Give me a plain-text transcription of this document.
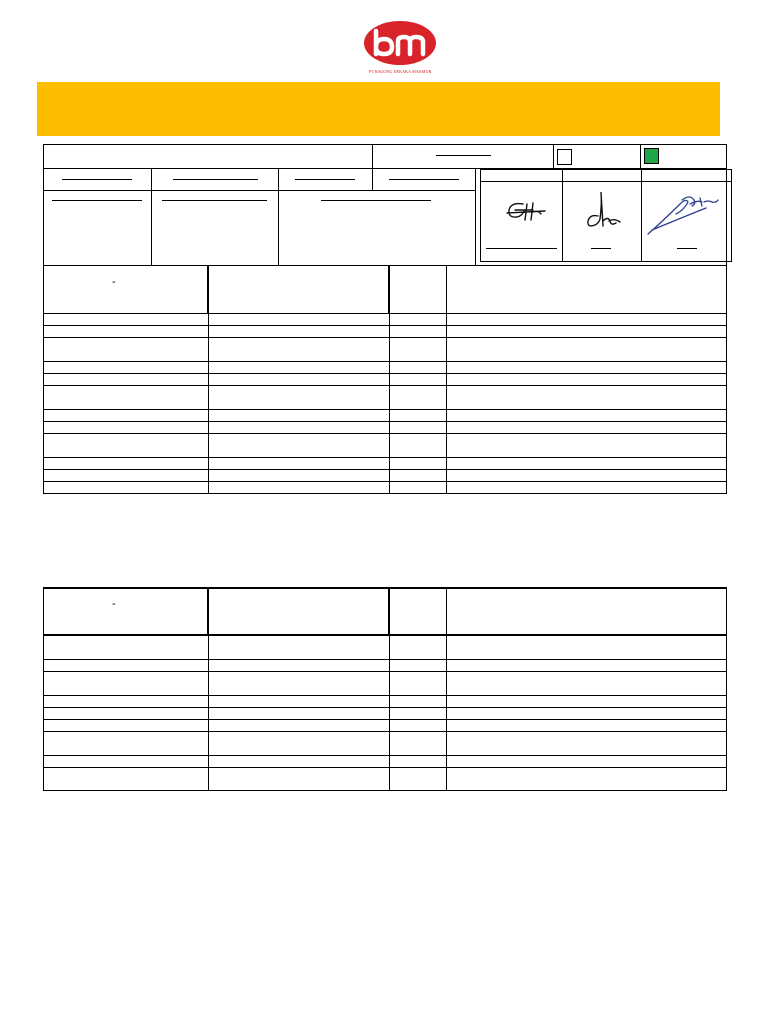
PT BAGONG DEKAKA MAKMUR
-
-
